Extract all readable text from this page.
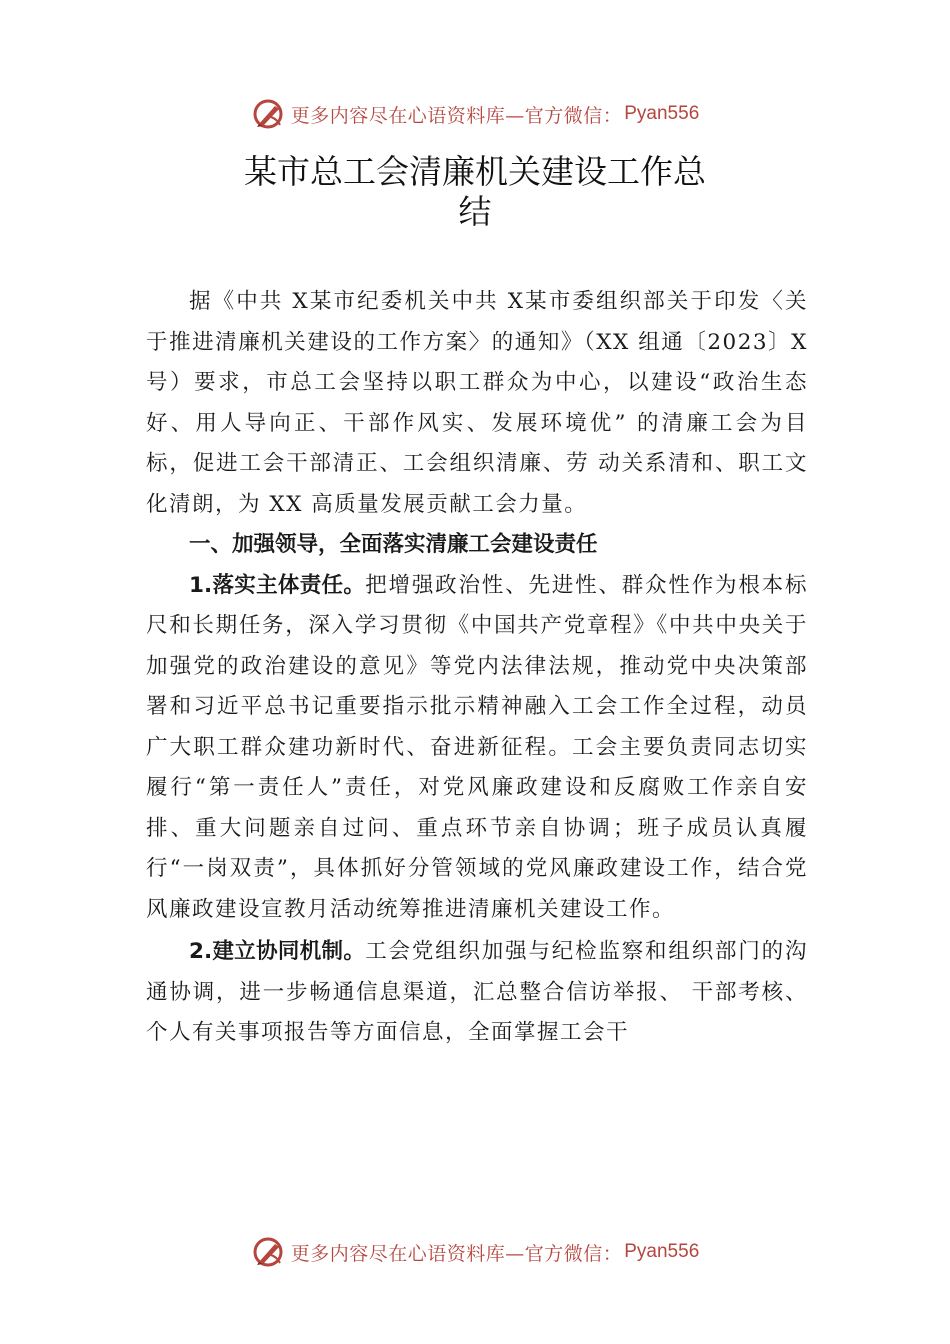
更多内容尽在心语资料库—官方微信： Pyan556
某市总工会清廉机关建设工作总
结

据《中共 X某市纪委机关中共 X某市委组织部关于印发〈关于推进清廉机关建设的工作方案〉的通知》（XX 组通〔2023〕X 号）要求，市总工会坚持以职工群众为中心，以建设“政治生态好、用人导向正、干部作风实、发展环境优” 的清廉工会为目标，促进工会干部清正、工会组织清廉、劳 动关系清和、职工文化清朗，为 XX 高质量发展贡献工会力量。

一、加强领导，全面落实清廉工会建设责任

1.落实主体责任。把增强政治性、先进性、群众性作为根本标尺和长期任务，深入学习贯彻《中国共产党章程》《中共中央关于加强党的政治建设的意见》等党内法律法规，推动党中央决策部署和习近平总书记重要指示批示精神融入工会工作全过程，动员广大职工群众建功新时代、奋进新征程。工会主要负责同志切实履行“第一责任人”责任，对党风廉政建设和反腐败工作亲自安排、重大问题亲自过问、重点环节亲自协调；班子成员认真履行“一岗双责”，具体抓好分管领域的党风廉政建设工作，结合党风廉政建设宣教月活动统筹推进清廉机关建设工作。

2.建立协同机制。工会党组织加强与纪检监察和组织部门的沟通协调，进一步畅通信息渠道，汇总整合信访举报、 干部考核、个人有关事项报告等方面信息，全面掌握工会干

更多内容尽在心语资料库—官方微信： Pyan556
